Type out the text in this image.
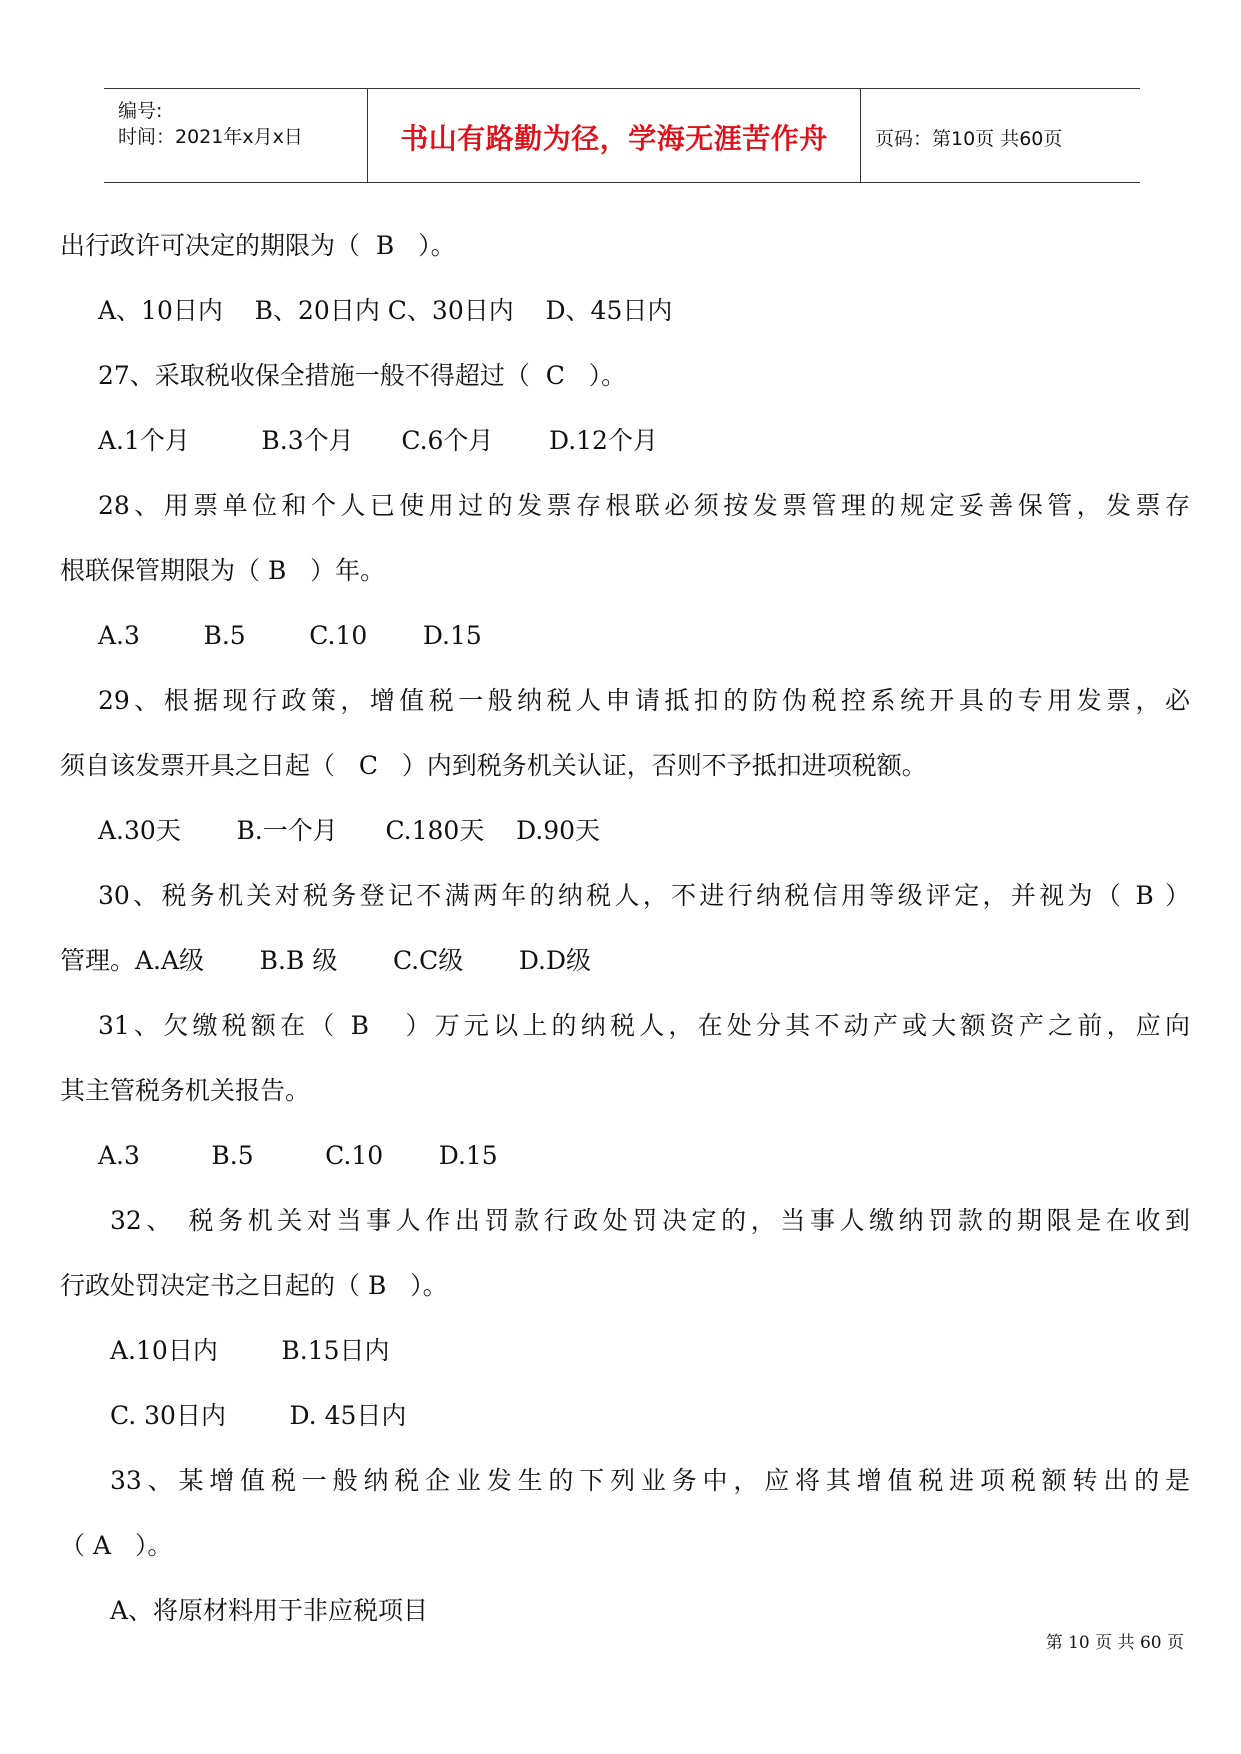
编号:
时间：2021年x月x日	书山有路勤为径，学海无涯苦作舟	页码：第10页 共60页
出行政许可决定的期限为（  B   ）。
A、10日内    B、20日内 C、30日内    D、45日内
27、采取税收保全措施一般不得超过（  C   ）。
A.1个月         B.3个月      C.6个月       D.12个月
28、用票单位和个人已使用过的发票存根联必须按发票管理的规定妥善保管，发票存
根联保管期限为（ B   ）年。
A.3        B.5        C.10       D.15
29、根据现行政策，增值税一般纳税人申请抵扣的防伪税控系统开具的专用发票，必
须自该发票开具之日起（   C   ）内到税务机关认证，否则不予抵扣进项税额。
A.30天       B.一个月      C.180天    D.90天
30、税务机关对税务登记不满两年的纳税人，不进行纳税信用等级评定，并视为（ B ）
管理。A.A级       B.B 级       C.C级       D.D级
31、欠缴税额在（ B   ）万元以上的纳税人，在处分其不动产或大额资产之前，应向
其主管税务机关报告。
A.3         B.5         C.10       D.15
32、 税务机关对当事人作出罚款行政处罚决定的，当事人缴纳罚款的期限是在收到
行政处罚决定书之日起的（ B   ）。
A.10日内        B.15日内
C. 30日内        D. 45日内
33、某增值税一般纳税企业发生的下列业务中，应将其增值税进项税额转出的是
（ A   ）。
A、将原材料用于非应税项目
第 10 页 共 60 页
